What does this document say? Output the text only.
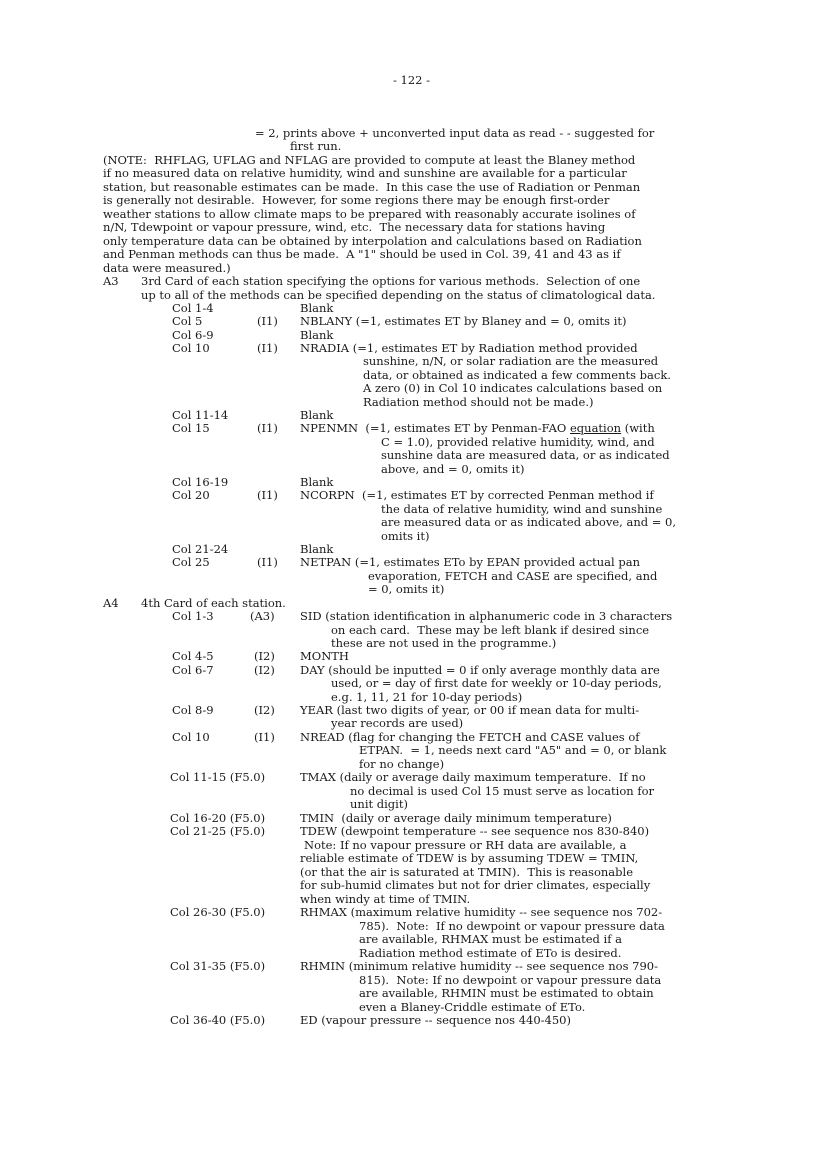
- 122 -
= 2, prints above + unconverted input data as read - - suggested for
first run.
(NOTE:  RHFLAG, UFLAG and NFLAG are provided to compute at least the Blaney method
if no measured data on relative humidity, wind and sunshine are available for a particular
station, but reasonable estimates can be made.  In this case the use of Radiation or Penman
is generally not desirable.  However, for some regions there may be enough first-order
weather stations to allow climate maps to be prepared with reasonably accurate isolines of
n/N, Tdewpoint or vapour pressure, wind, etc.  The necessary data for stations having
only temperature data can be obtained by interpolation and calculations based on Radiation
and Penman methods can thus be made.  A "1" should be used in Col. 39, 41 and 43 as if
data were measured.)
A3 3rd Card of each station specifying the options for various methods.  Selection of one
up to all of the methods can be specified depending on the status of climatological data.
Col 1-4	Blank
Col 5	(I1) NBLANY (=1, estimates ET by Blaney and = 0, omits it)
Col 6-9	Blank
Col 10	(I1) NRADIA (=1, estimates ET by Radiation method provided
sunshine, n/N, or solar radiation are the measured
data, or obtained as indicated a few comments back.
A zero (0) in Col 10 indicates calculations based on
Radiation method should not be made.)
Col 11-14	Blank
Col 15	(I1) NPENMN  (=1, estimates ET by Penman-FAO equation (with
C = 1.0), provided relative humidity, wind, and
sunshine data are measured data, or as indicated
above, and = 0, omits it)
Col 16-19	Blank
Col 20	(I1) NCORPN  (=1, estimates ET by corrected Penman method if
the data of relative humidity, wind and sunshine
are measured data or as indicated above, and = 0,
omits it)
Col 21-24	Blank
Col 25	(I1) NETPAN (=1, estimates ETo by EPAN provided actual pan
evaporation, FETCH and CASE are specified, and
= 0, omits it)
A4 4th Card of each station.
Col 1-3	(A3) SID (station identification in alphanumeric code in 3 characters
on each card.  These may be left blank if desired since
these are not used in the programme.)
Col 4-5	(I2) MONTH
Col 6-7	(I2) DAY (should be inputted = 0 if only average monthly data are
used, or = day of first date for weekly or 10-day periods,
e.g. 1, 11, 21 for 10-day periods)
Col 8-9	(I2) YEAR (last two digits of year, or 00 if mean data for multi-
year records are used)
Col 10	(I1) NREAD (flag for changing the FETCH and CASE values of
ETPAN.  = 1, needs next card "A5" and = 0, or blank
for no change)
Col 11-15 (F5.0)	TMAX (daily or average daily maximum temperature.  If no
no decimal is used Col 15 must serve as location for
unit digit)
Col 16-20 (F5.0)	TMIN  (daily or average daily minimum temperature)
Col 21-25 (F5.0)	TDEW (dewpoint temperature -- see sequence nos 830-840)
Note: If no vapour pressure or RH data are available, a
reliable estimate of TDEW is by assuming TDEW = TMIN,
(or that the air is saturated at TMIN).  This is reasonable
for sub-humid climates but not for drier climates, especially
when windy at time of TMIN.
Col 26-30 (F5.0)	RHMAX (maximum relative humidity -- see sequence nos 702-
785).  Note:  If no dewpoint or vapour pressure data
are available, RHMAX must be estimated if a
Radiation method estimate of ETo is desired.
Col 31-35 (F5.0)	RHMIN (minimum relative humidity -- see sequence nos 790-
815).  Note: If no dewpoint or vapour pressure data
are available, RHMIN must be estimated to obtain
even a Blaney-Criddle estimate of ETo.
Col 36-40 (F5.0)	ED (vapour pressure -- sequence nos 440-450)
